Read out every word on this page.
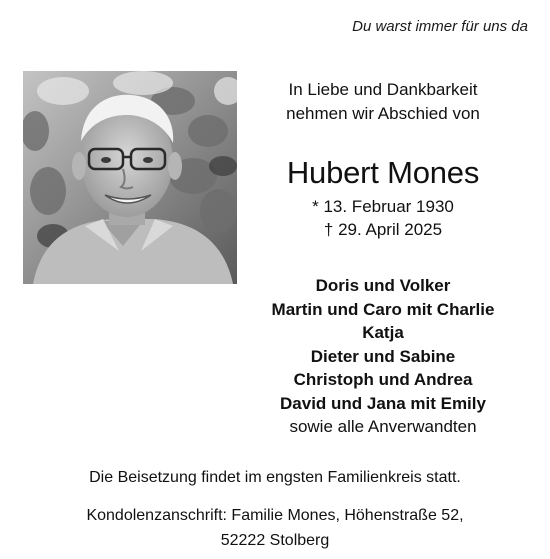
Du warst immer für uns da
In Liebe und Dankbarkeit
nehmen wir Abschied von
Hubert Mones
* 13. Februar 1930
† 29. April 2025
Doris und Volker
Martin und Caro mit Charlie
Katja
Dieter und Sabine
Christoph und Andrea
David und Jana mit Emily
sowie alle Anverwandten
Die Beisetzung findet im engsten Familienkreis statt.
Kondolenzanschrift: Familie Mones, Höhenstraße 52,
52222 Stolberg
